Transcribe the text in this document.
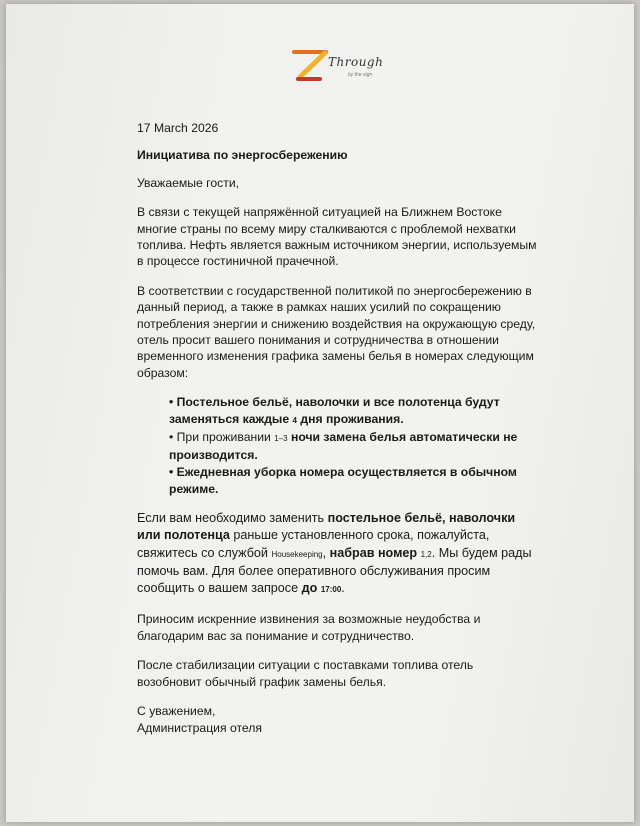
Through
by the sign

17 March 2026

Инициатива по энергосбережению

Уважаемые гости,

В связи с текущей напряжённой ситуацией на Ближнем Востоке многие страны по всему миру сталкиваются с проблемой нехватки топлива. Нефть является важным источником энергии, используемым в процессе гостиничной прачечной.

В соответствии с государственной политикой по энергосбережению в данный период, а также в рамках наших усилий по сокращению потребления энергии и снижению воздействия на окружающую среду, отель просит вашего понимания и сотрудничества в отношении временного изменения графика замены белья в номерах следующим образом:

• Постельное бельё, наволочки и все полотенца будут заменяться каждые 4 дня проживания.
• При проживании 1–3 ночи замена белья автоматически не производится.
• Ежедневная уборка номера осуществляется в обычном режиме.

Если вам необходимо заменить постельное бельё, наволочки или полотенца раньше установленного срока, пожалуйста, свяжитесь со службой Housekeeping, набрав номер 1,2. Мы будем рады помочь вам. Для более оперативного обслуживания просим сообщить о вашем запросе до 17:00.

Приносим искренние извинения за возможные неудобства и благодарим вас за понимание и сотрудничество.

После стабилизации ситуации с поставками топлива отель возобновит обычный график замены белья.

С уважением,

Администрация отеля
